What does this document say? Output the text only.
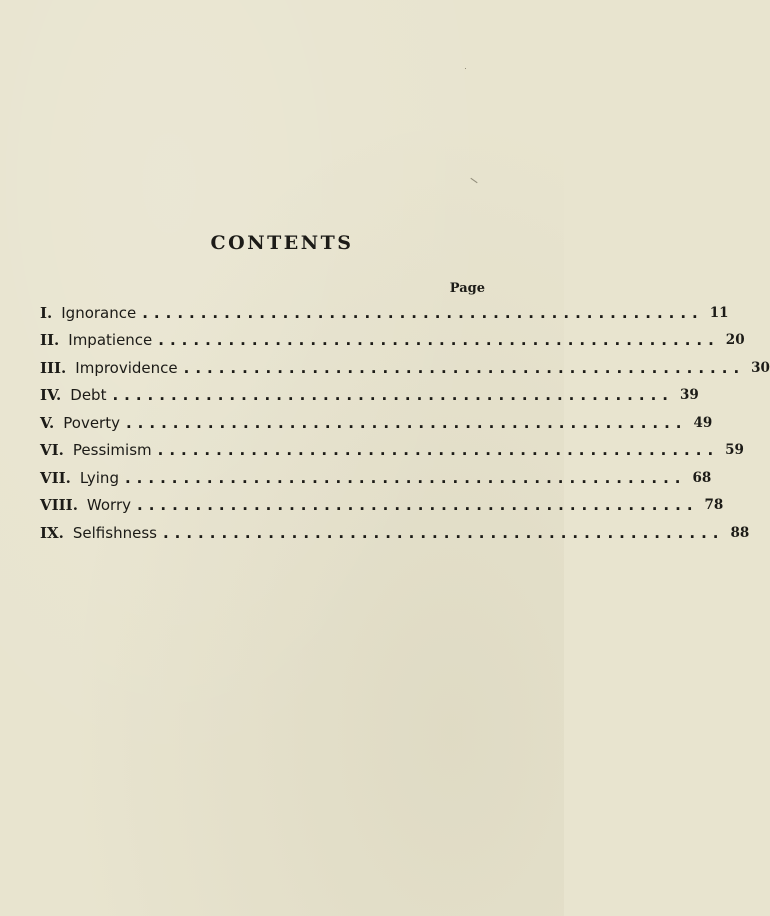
CONTENTS
Page
I. Ignorance ................................................ 11
II. Impatience ................................................ 20
III. Improvidence ................................................ 30
IV. Debt ................................................ 39
V. Poverty ................................................ 49
VI. Pessimism ................................................ 59
VII. Lying ................................................ 68
VIII. Worry ................................................ 78
IX. Selfishness ................................................ 88
